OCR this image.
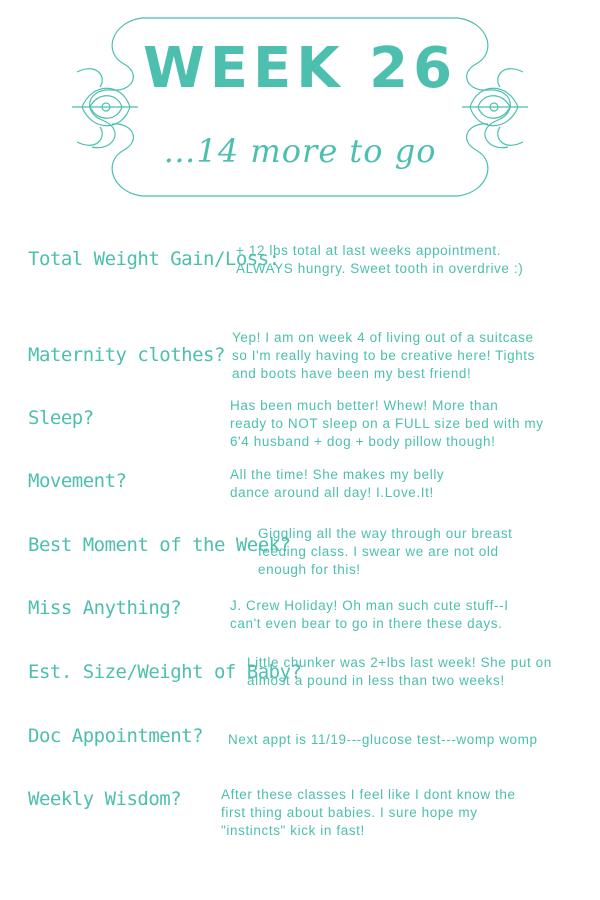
WEEK 26
…14 more to go
Total Weight Gain/Loss:
+ 12 lbs total at last weeks appointment.
ALWAYS hungry. Sweet tooth in overdrive :)
Maternity clothes?
Yep! I am on week 4 of living out of a suitcase
so I'm really having to be creative here! Tights
and boots have been my best friend!
Sleep?
Has been much better! Whew! More than
ready to NOT sleep on a FULL size bed with my
6'4 husband + dog + body pillow though!
Movement?	All the time! She makes my belly
dance around all day! I.Love.It!
Best Moment of the Week?
Giggling all the way through our breast
feeding class. I swear we are not old
enough for this!
Miss Anything?	J. Crew Holiday! Oh man such cute stuff--I
can't even bear to go in there these days.
Est. Size/Weight of Baby?
Little chunker was 2+lbs last week! She put on
almost a pound in less than two weeks!
Doc Appointment? Next appt is 11/19---glucose test---womp womp
Weekly Wisdom?	After these classes I feel like I dont know the
first thing about babies. I sure hope my
"instincts" kick in fast!
